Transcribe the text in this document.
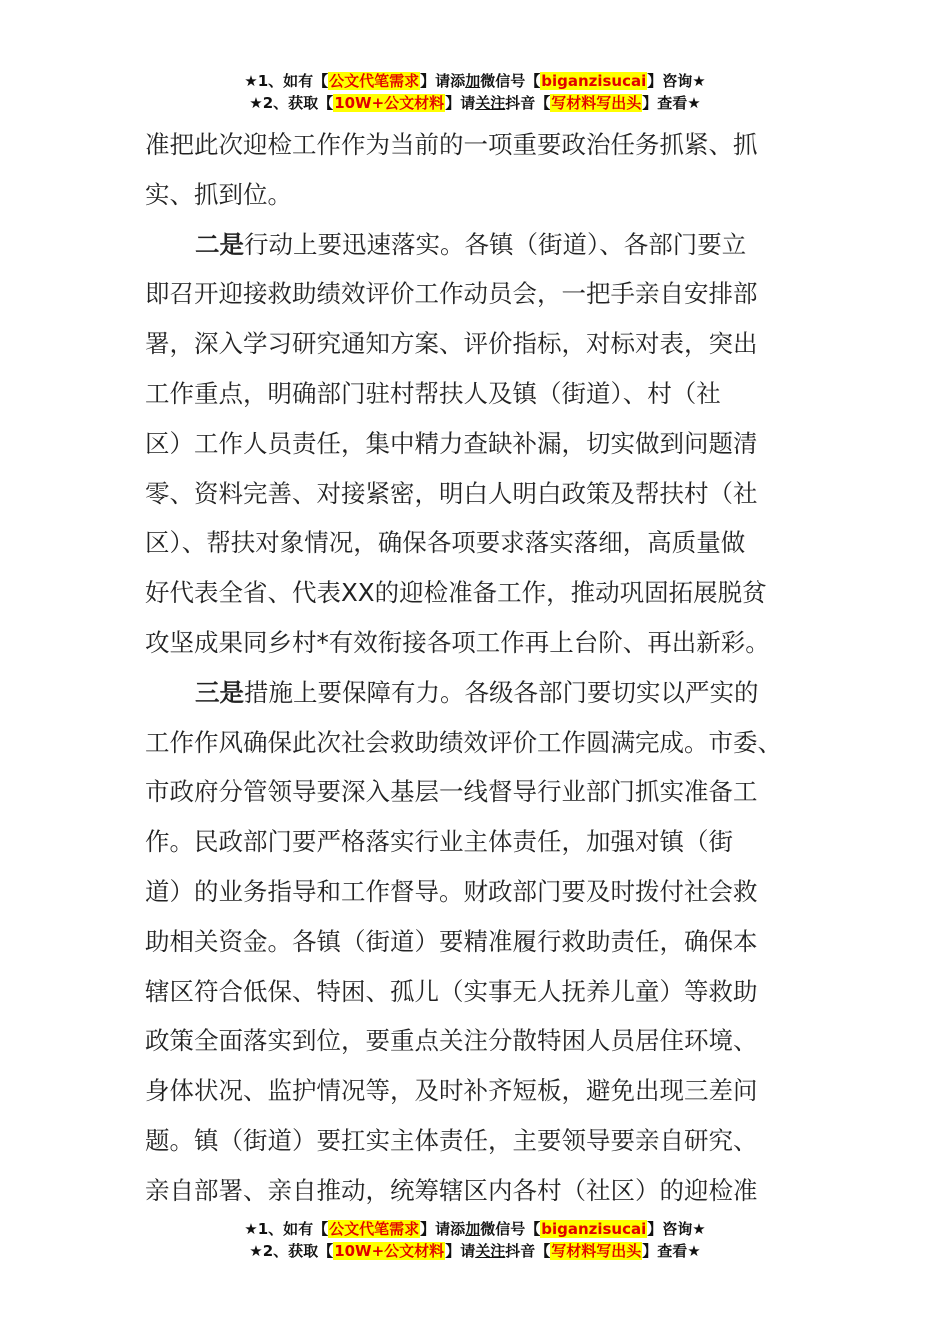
★1、如有【公文代笔需求】请添加微信号【biganzisucai】咨询★
★2、获取【10W+公文材料】请关注抖音【写材料写出头】查看★
准把此次迎检工作作为当前的一项重要政治任务抓紧、抓
实、抓到位。
二是行动上要迅速落实。各镇（街道）、各部门要立
即召开迎接救助绩效评价工作动员会，一把手亲自安排部
署，深入学习研究通知方案、评价指标，对标对表，突出
工作重点，明确部门驻村帮扶人及镇（街道）、村（社
区）工作人员责任，集中精力查缺补漏，切实做到问题清
零、资料完善、对接紧密，明白人明白政策及帮扶村（社
区）、帮扶对象情况，确保各项要求落实落细，高质量做
好代表全省、代表XX的迎检准备工作，推动巩固拓展脱贫
攻坚成果同乡村*有效衔接各项工作再上台阶、再出新彩。
三是措施上要保障有力。各级各部门要切实以严实的
工作作风确保此次社会救助绩效评价工作圆满完成。市委、
市政府分管领导要深入基层一线督导行业部门抓实准备工
作。民政部门要严格落实行业主体责任，加强对镇（街
道）的业务指导和工作督导。财政部门要及时拨付社会救
助相关资金。各镇（街道）要精准履行救助责任，确保本
辖区符合低保、特困、孤儿（实事无人抚养儿童）等救助
政策全面落实到位，要重点关注分散特困人员居住环境、
身体状况、监护情况等，及时补齐短板，避免出现三差问
题。镇（街道）要扛实主体责任，主要领导要亲自研究、
亲自部署、亲自推动，统筹辖区内各村（社区）的迎检准
★1、如有【公文代笔需求】请添加微信号【biganzisucai】咨询★
★2、获取【10W+公文材料】请关注抖音【写材料写出头】查看★
